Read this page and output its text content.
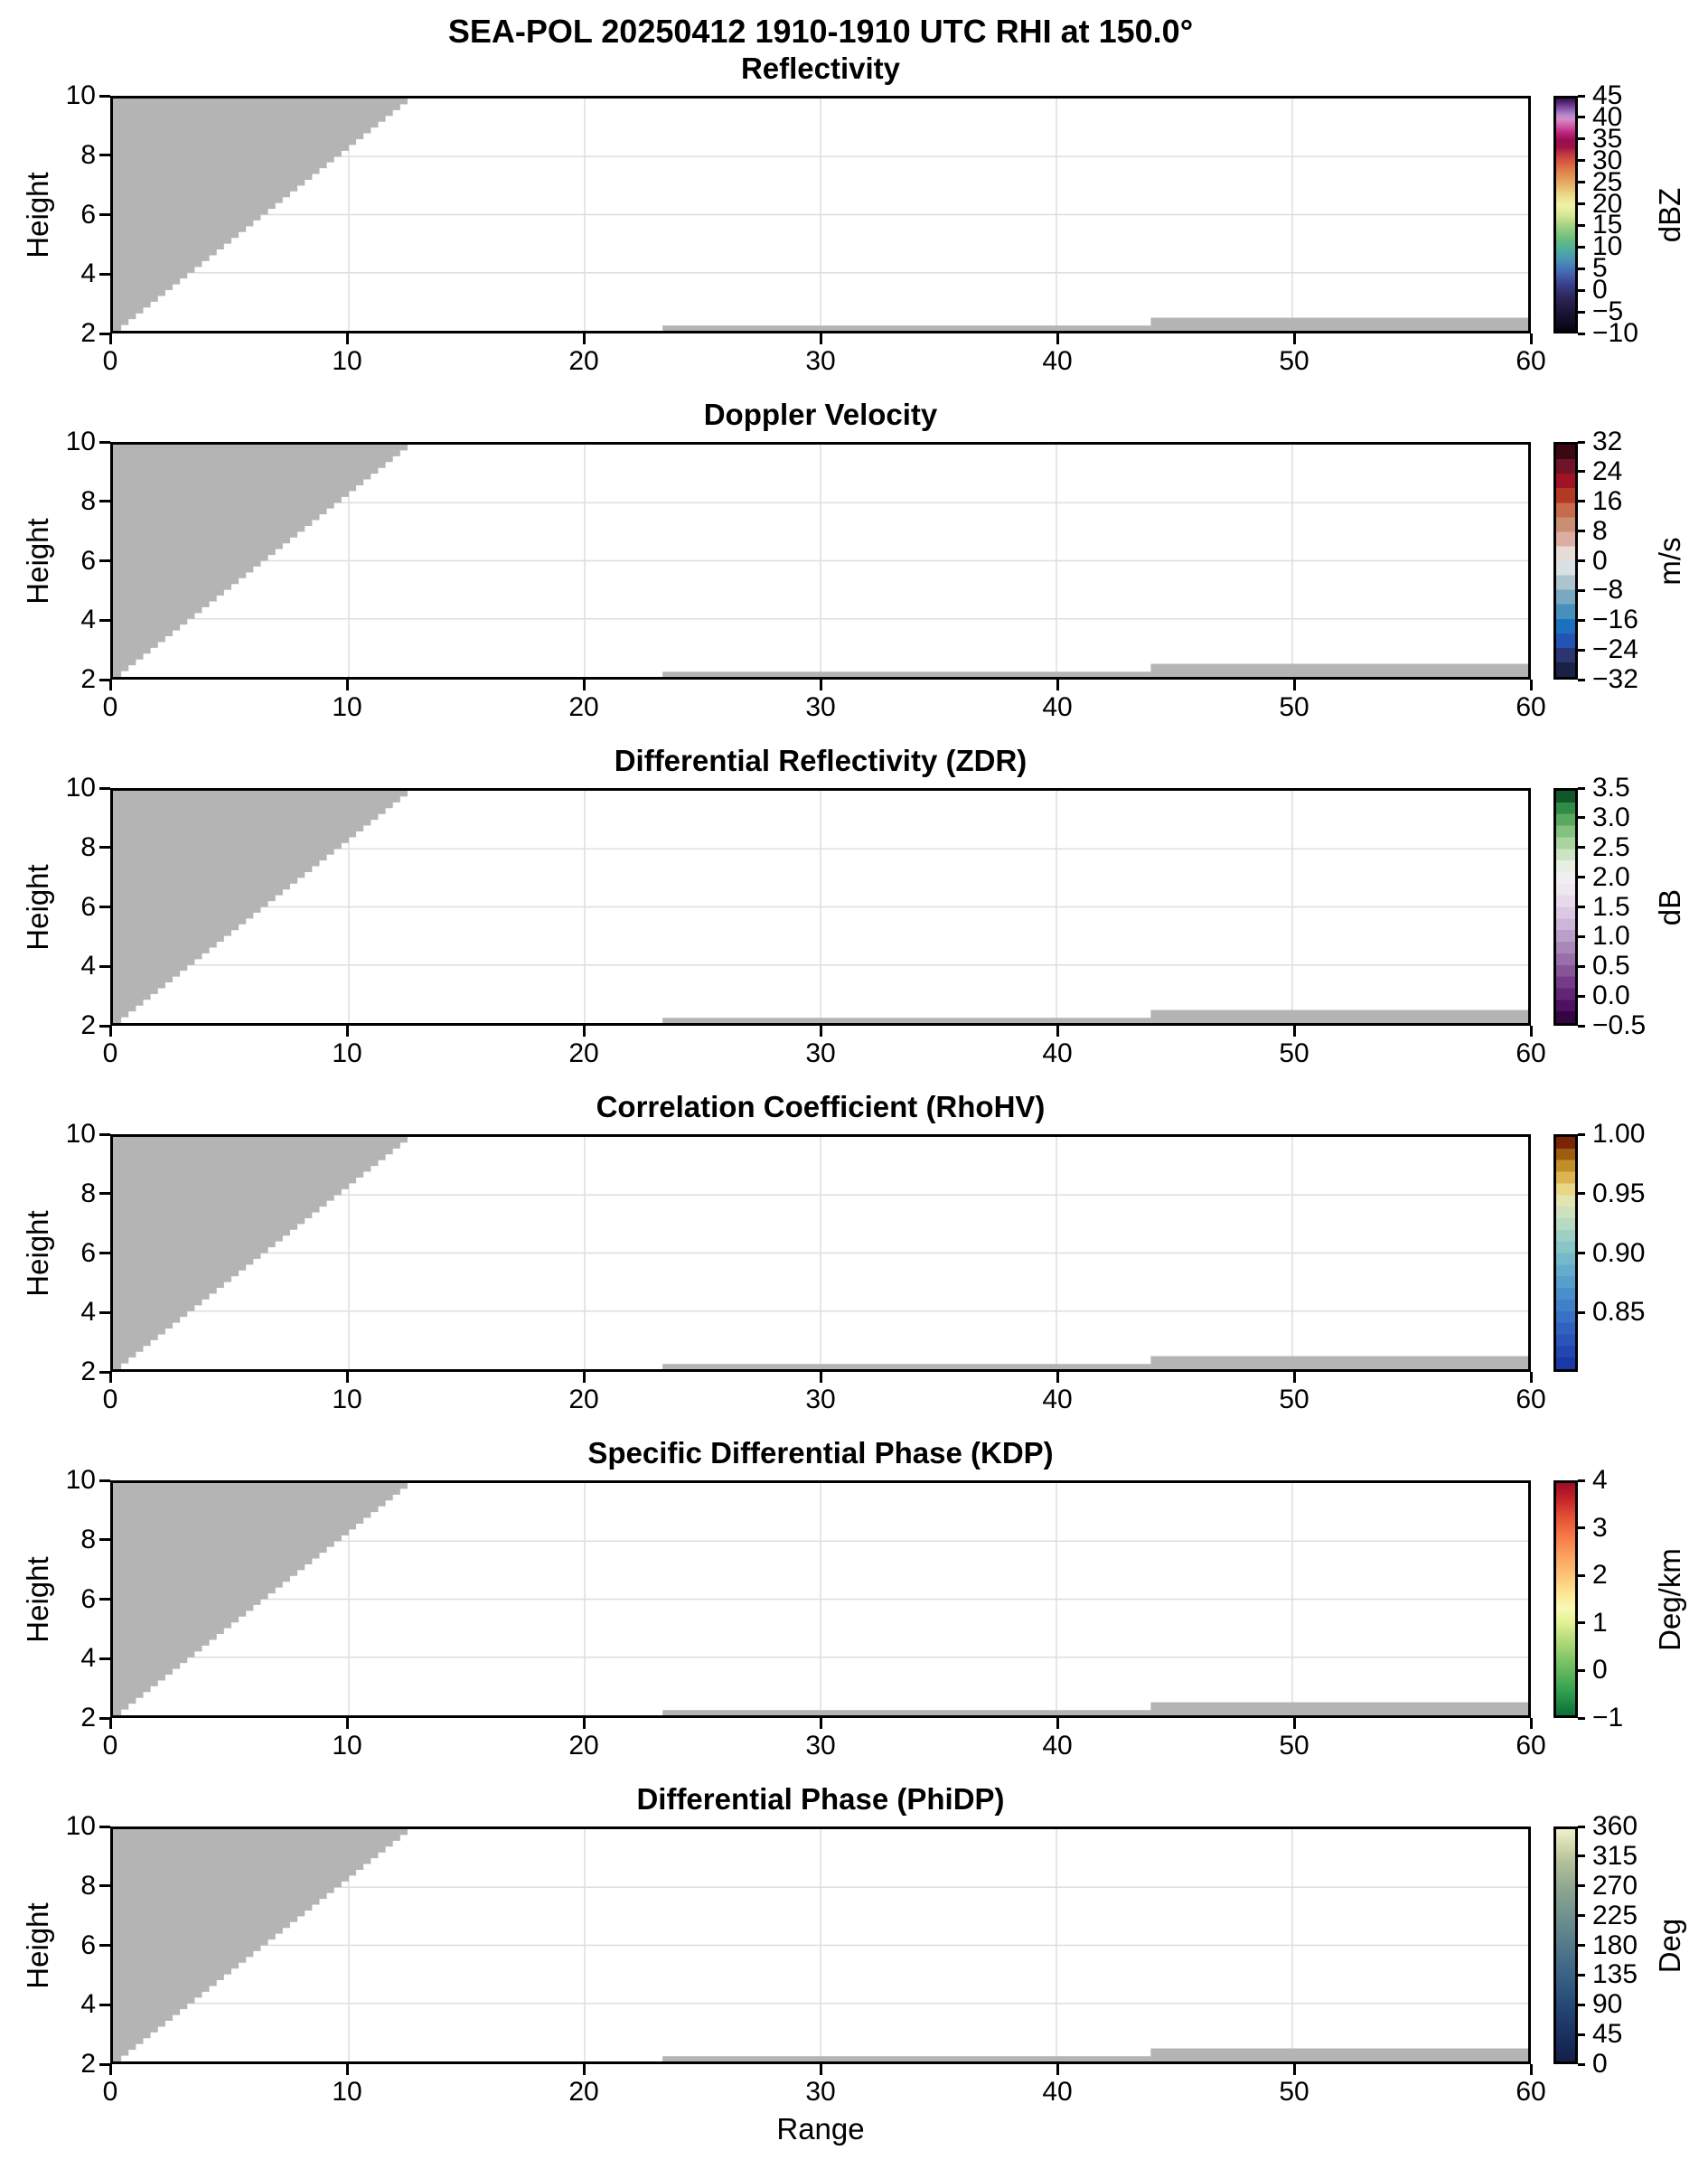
SEA-POL 20250412 1910-1910 UTC RHI at 150.0°
Range
Reflectivity
0	10	20	30	40	50	60
10
8
6
4
2
Height
45
40
35
30
25
20
15
10
5
0
−5
−10
dBZ
Doppler Velocity
0	10	20	30	40	50	60
10
8
6
4
2
Height
32
24
16
8
0
−8
−16
−24
−32
m/s
Differential Reflectivity (ZDR)
0	10	20	30	40	50	60
10
8
6
4
2
Height
3.5
3.0
2.5
2.0
1.5
1.0
0.5
0.0
−0.5
dB
Correlation Coefficient (RhoHV)
0	10	20	30	40	50	60
10
8
6
4
2
Height
1.00
0.95
0.90
0.85
Specific Differential Phase (KDP)
0	10	20	30	40	50	60
10
8
6
4
2
Height
4
3
2
1
0
−1
Deg/km
Differential Phase (PhiDP)
0	10	20	30	40	50	60
10
8
6
4
2
Height
360
315
270
225
180
135
90
45
0
Deg
